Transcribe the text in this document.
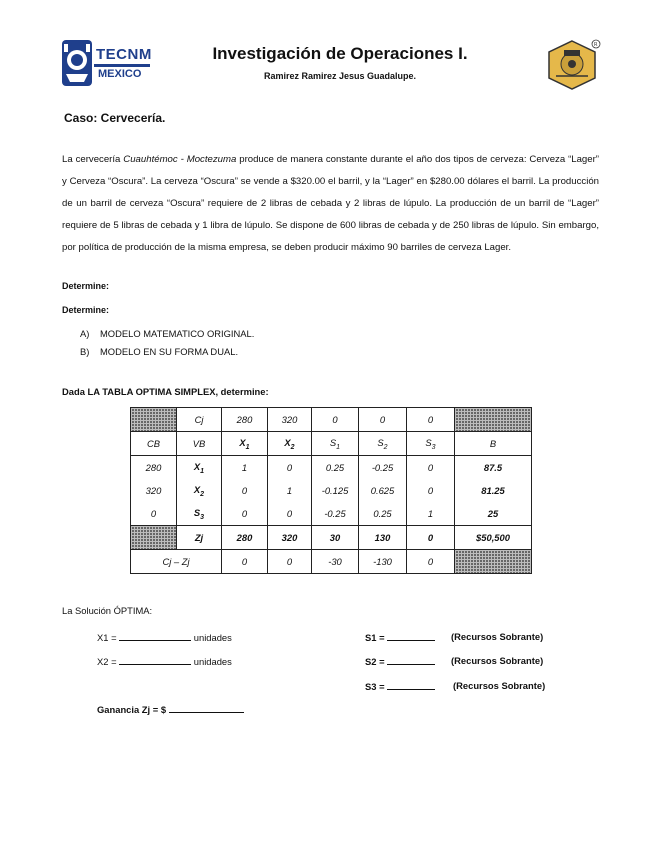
TECNM
MEXICO
Investigación de Operaciones I.
Ramirez Ramirez Jesus Guadalupe.
R
Caso: Cervecería.
La cervecería Cuauhtémoc - Moctezuma produce de manera constante durante el año dos tipos de cerveza: Cerveza “Lager” y Cerveza “Oscura”. La cerveza “Oscura” se vende a $320.00 el barril, y la “Lager” en $280.00 dólares el barril. La producción de un barril de cerveza “Oscura” requiere de 2 libras de cebada y 2 libras de lúpulo. La producción de un barril de “Lager” requiere de 5 libras de cebada y 1 libra de lúpulo. Se dispone de 600 libras de cebada y de 250 libras de lúpulo. Sin embargo, por política de producción de la misma empresa, se deben producir máximo 90 barriles de cerveza Lager.
Determine:
Determine:
A) MODELO MATEMATICO ORIGINAL.
B) MODELO EN SU FORMA DUAL.
Dada LA TABLA OPTIMA SIMPLEX, determine:
	Cj	280	320	0	0	0	
CB	VB	$X_1$	$X_2$	$S_1$	$S_2$	$S_3$	B
280	$X_1$	1	0	0.25	-0.25	0	87.5
320	$X_2$	0	1	-0.125	0.625	0	81.25
0	$S_3$	0	0	-0.25	0.25	1	25
	Zj	280	320	30	130	0	$50,500
Cj – Zj		0	0	-30	-130	0	
La Solución ÓPTIMA:
X1 =	unidades
X2 =	unidades
S1 =	(Recursos Sobrante)
S2 =	(Recursos Sobrante)
S3 =	(Recursos Sobrante)
Ganancia Zj = $
